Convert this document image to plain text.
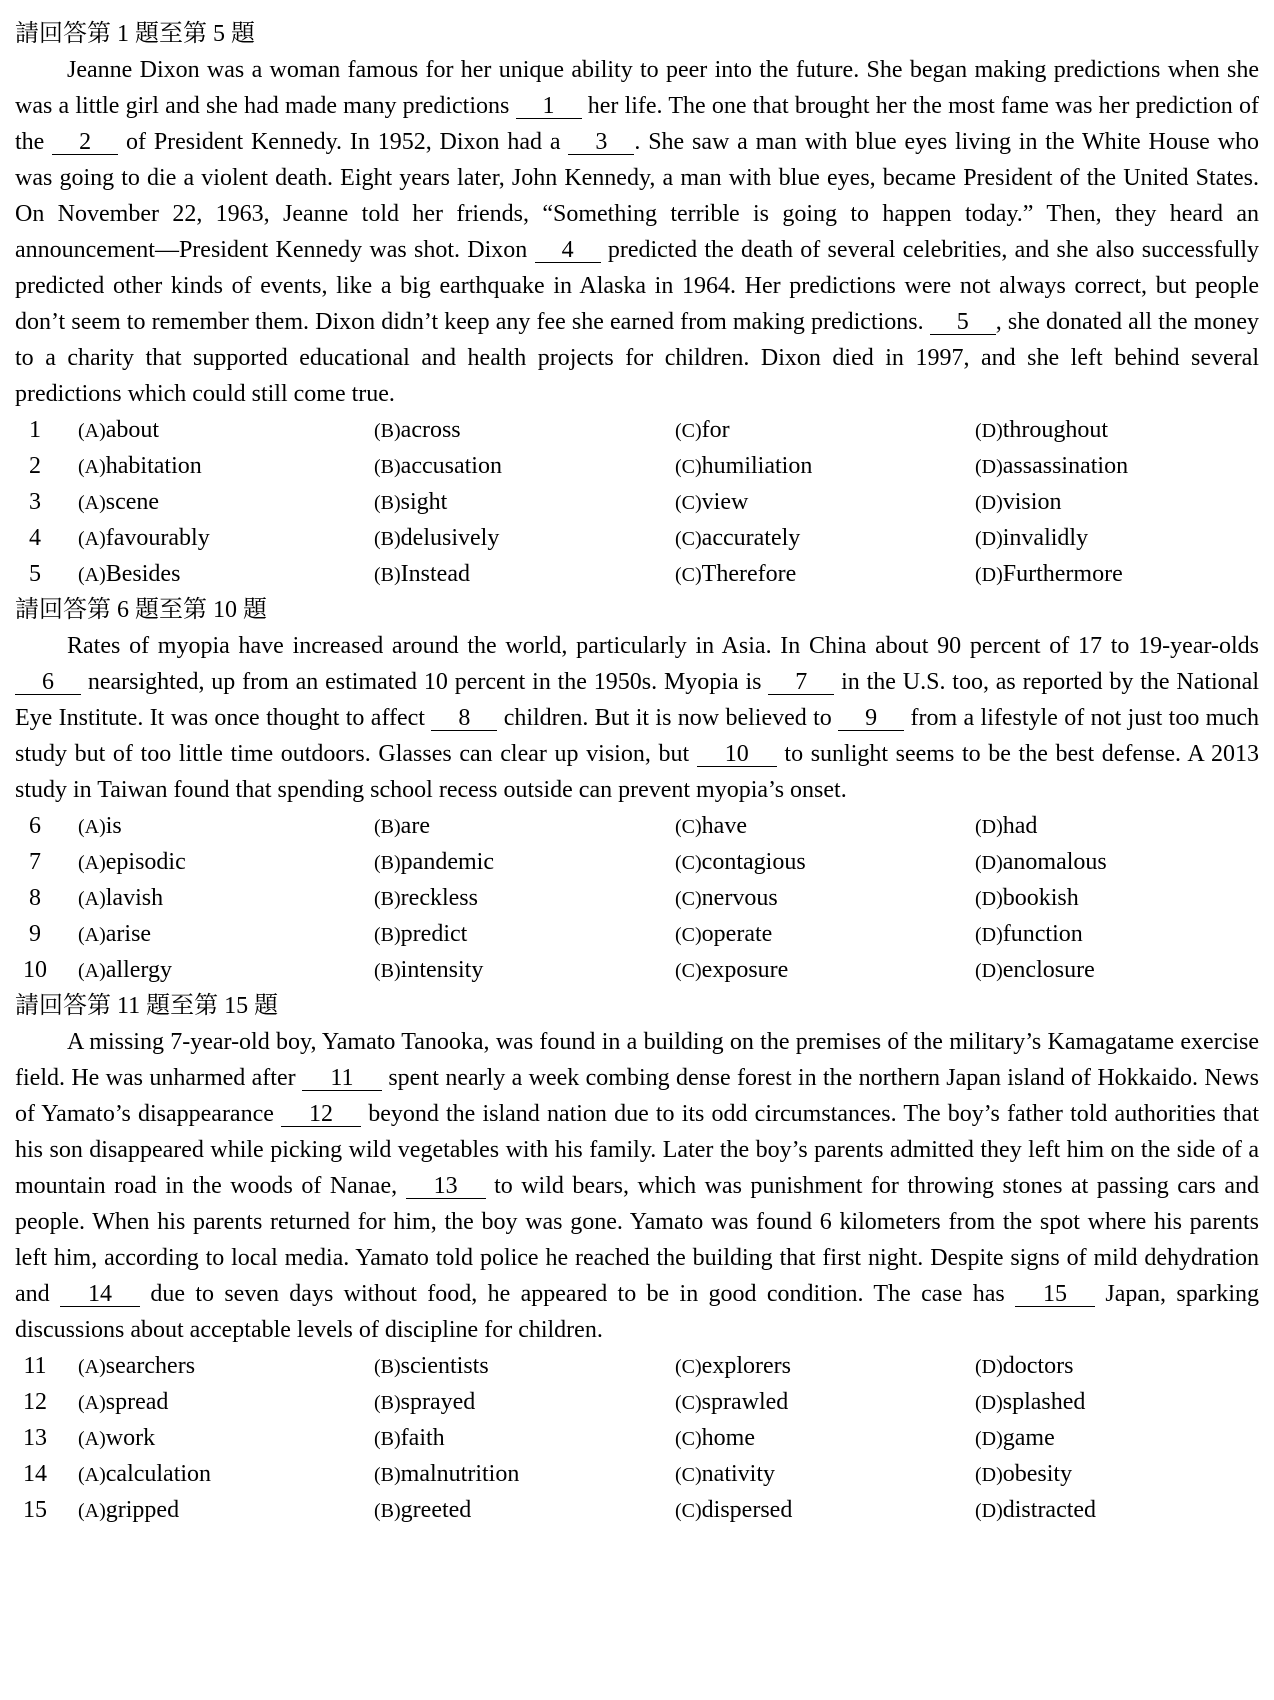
請回答第 1 題至第 5 題

Jeanne Dixon was a woman famous for her unique ability to peer into the future. She began making predictions when she was a little girl and she had made many predictions 1 her life. The one that brought her the most fame was her prediction of the 2 of President Kennedy. In 1952, Dixon had a 3 . She saw a man with blue eyes living in the White House who was going to die a violent death. Eight years later, John Kennedy, a man with blue eyes, became President of the United States. On November 22, 1963, Jeanne told her friends, “Something terrible is going to happen today.” Then, they heard an announcement—President Kennedy was shot. Dixon 4 predicted the death of several celebrities, and she also successfully predicted other kinds of events, like a big earthquake in Alaska in 1964. Her predictions were not always correct, but people don’t seem to remember them. Dixon didn’t keep any fee she earned from making predictions. 5 , she donated all the money to a charity that supported educational and health projects for children. Dixon died in 1997, and she left behind several predictions which could still come true.

1	(A)about	(B)across	(C)for	(D)throughout
2	(A)habitation	(B)accusation	(C)humiliation	(D)assassination
3	(A)scene	(B)sight	(C)view	(D)vision
4	(A)favourably	(B)delusively	(C)accurately	(D)invalidly
5	(A)Besides	(B)Instead	(C)Therefore	(D)Furthermore
請回答第 6 題至第 10 題

Rates of myopia have increased around the world, particularly in Asia. In China about 90 percent of 17 to 19-year-olds 6 nearsighted, up from an estimated 10 percent in the 1950s. Myopia is 7 in the U.S. too, as reported by the National Eye Institute. It was once thought to affect 8 children. But it is now believed to 9 from a lifestyle of not just too much study but of too little time outdoors. Glasses can clear up vision, but 10 to sunlight seems to be the best defense. A 2013 study in Taiwan found that spending school recess outside can prevent myopia’s onset.

6	(A)is	(B)are	(C)have	(D)had
7	(A)episodic	(B)pandemic	(C)contagious	(D)anomalous
8	(A)lavish	(B)reckless	(C)nervous	(D)bookish
9	(A)arise	(B)predict	(C)operate	(D)function
10	(A)allergy	(B)intensity	(C)exposure	(D)enclosure
請回答第 11 題至第 15 題

A missing 7-year-old boy, Yamato Tanooka, was found in a building on the premises of the military’s Kamagatame exercise field. He was unharmed after 11 spent nearly a week combing dense forest in the northern Japan island of Hokkaido. News of Yamato’s disappearance 12 beyond the island nation due to its odd circumstances. The boy’s father told authorities that his son disappeared while picking wild vegetables with his family. Later the boy’s parents admitted they left him on the side of a mountain road in the woods of Nanae, 13 to wild bears, which was punishment for throwing stones at passing cars and people. When his parents returned for him, the boy was gone. Yamato was found 6 kilometers from the spot where his parents left him, according to local media. Yamato told police he reached the building that first night. Despite signs of mild dehydration and 14 due to seven days without food, he appeared to be in good condition. The case has 15 Japan, sparking discussions about acceptable levels of discipline for children.

11	(A)searchers	(B)scientists	(C)explorers	(D)doctors
12	(A)spread	(B)sprayed	(C)sprawled	(D)splashed
13	(A)work	(B)faith	(C)home	(D)game
14	(A)calculation	(B)malnutrition	(C)nativity	(D)obesity
15	(A)gripped	(B)greeted	(C)dispersed	(D)distracted
